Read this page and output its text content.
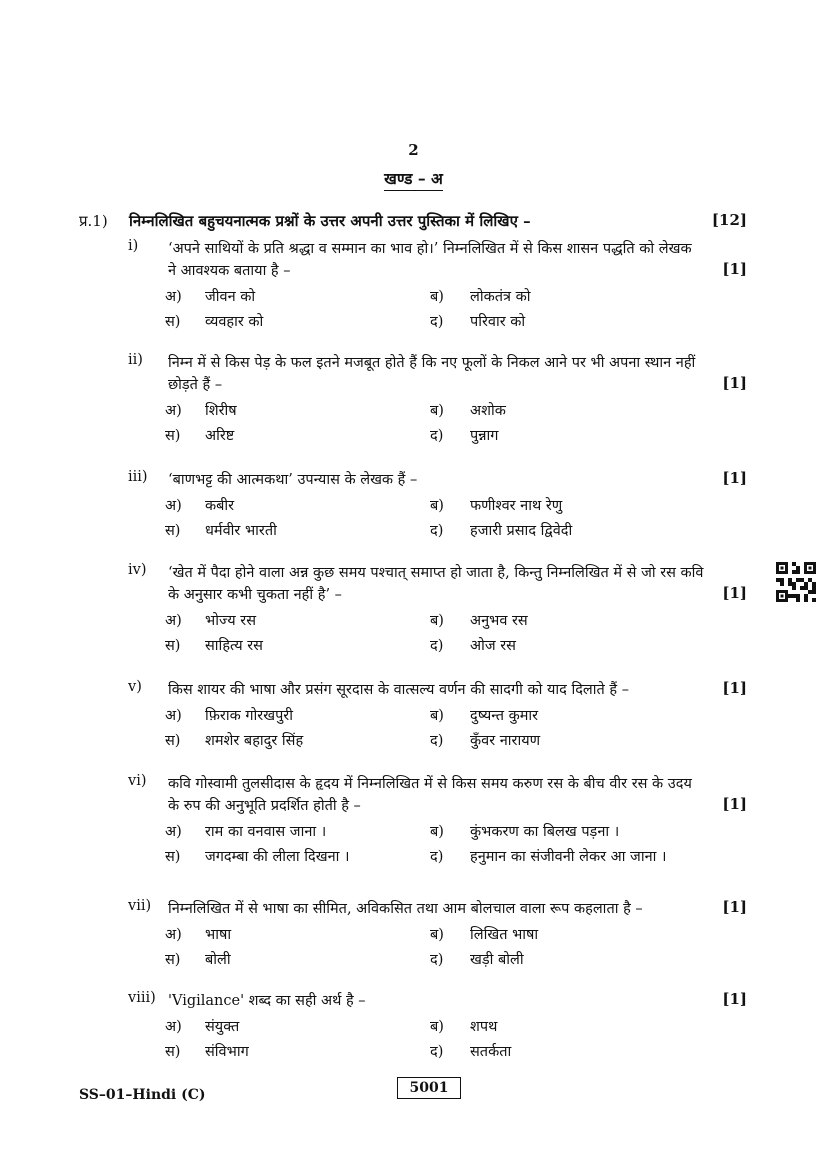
2
खण्ड – अ
प्र.1) निम्नलिखित बहुचयनात्मक प्रश्नों के उत्तर अपनी उत्तर पुस्तिका में लिखिए –	[12]
i) ‘अपने साथियों के प्रति श्रद्धा व सम्मान का भाव हो।’ निम्नलिखित में से किस शासन पद्धति को लेखक
ने आवश्यक बताया है –	[1]
अ) जीवन को	ब) लोकतंत्र को
स) व्यवहार को	द) परिवार को
ii) निम्न में से किस पेड़ के फल इतने मजबूत होते हैं कि नए फूलों के निकल आने पर भी अपना स्थान नहीं
छोड़ते हैं –	[1]
अ) शिरीष	ब) अशोक
स) अरिष्ट	द) पुन्नाग
iii) ‘बाणभट्ट की आत्मकथा’ उपन्यास के लेखक हैं –	[1]
अ) कबीर	ब) फणीश्वर नाथ रेणु
स) धर्मवीर भारती	द) हजारी प्रसाद द्विवेदी
iv) ‘खेत में पैदा होने वाला अन्न कुछ समय पश्चात् समाप्त हो जाता है, किन्तु निम्नलिखित में से जो रस कवि
के अनुसार कभी चुकता नहीं है’ –	[1]
अ) भोज्य रस	ब) अनुभव रस
स) साहित्य रस	द) ओज रस
v) किस शायर की भाषा और प्रसंग सूरदास के वात्सल्य वर्णन की सादगी को याद दिलाते हैं –	[1]
अ) फ़िराक गोरखपुरी	ब) दुष्यन्त कुमार
स) शमशेर बहादुर सिंह	द) कुँवर नारायण
vi) कवि गोस्वामी तुलसीदास के हृदय में निम्नलिखित में से किस समय करुण रस के बीच वीर रस के उदय
के रुप की अनुभूति प्रदर्शित होती है –	[1]
अ) राम का वनवास जाना ।	ब) कुंभकरण का बिलख पड़ना ।
स) जगदम्बा की लीला दिखना ।	द) हनुमान का संजीवनी लेकर आ जाना ।
vii) निम्नलिखित में से भाषा का सीमित, अविकसित तथा आम बोलचाल वाला रूप कहलाता है –	[1]
अ) भाषा	ब) लिखित भाषा
स) बोली	द) खड़ी बोली
viii) 'Vigilance' शब्द का सही अर्थ है –	[1]
अ) संयुक्त	ब) शपथ
स) संविभाग	द) सतर्कता
SS–01–Hindi (C)	5001
